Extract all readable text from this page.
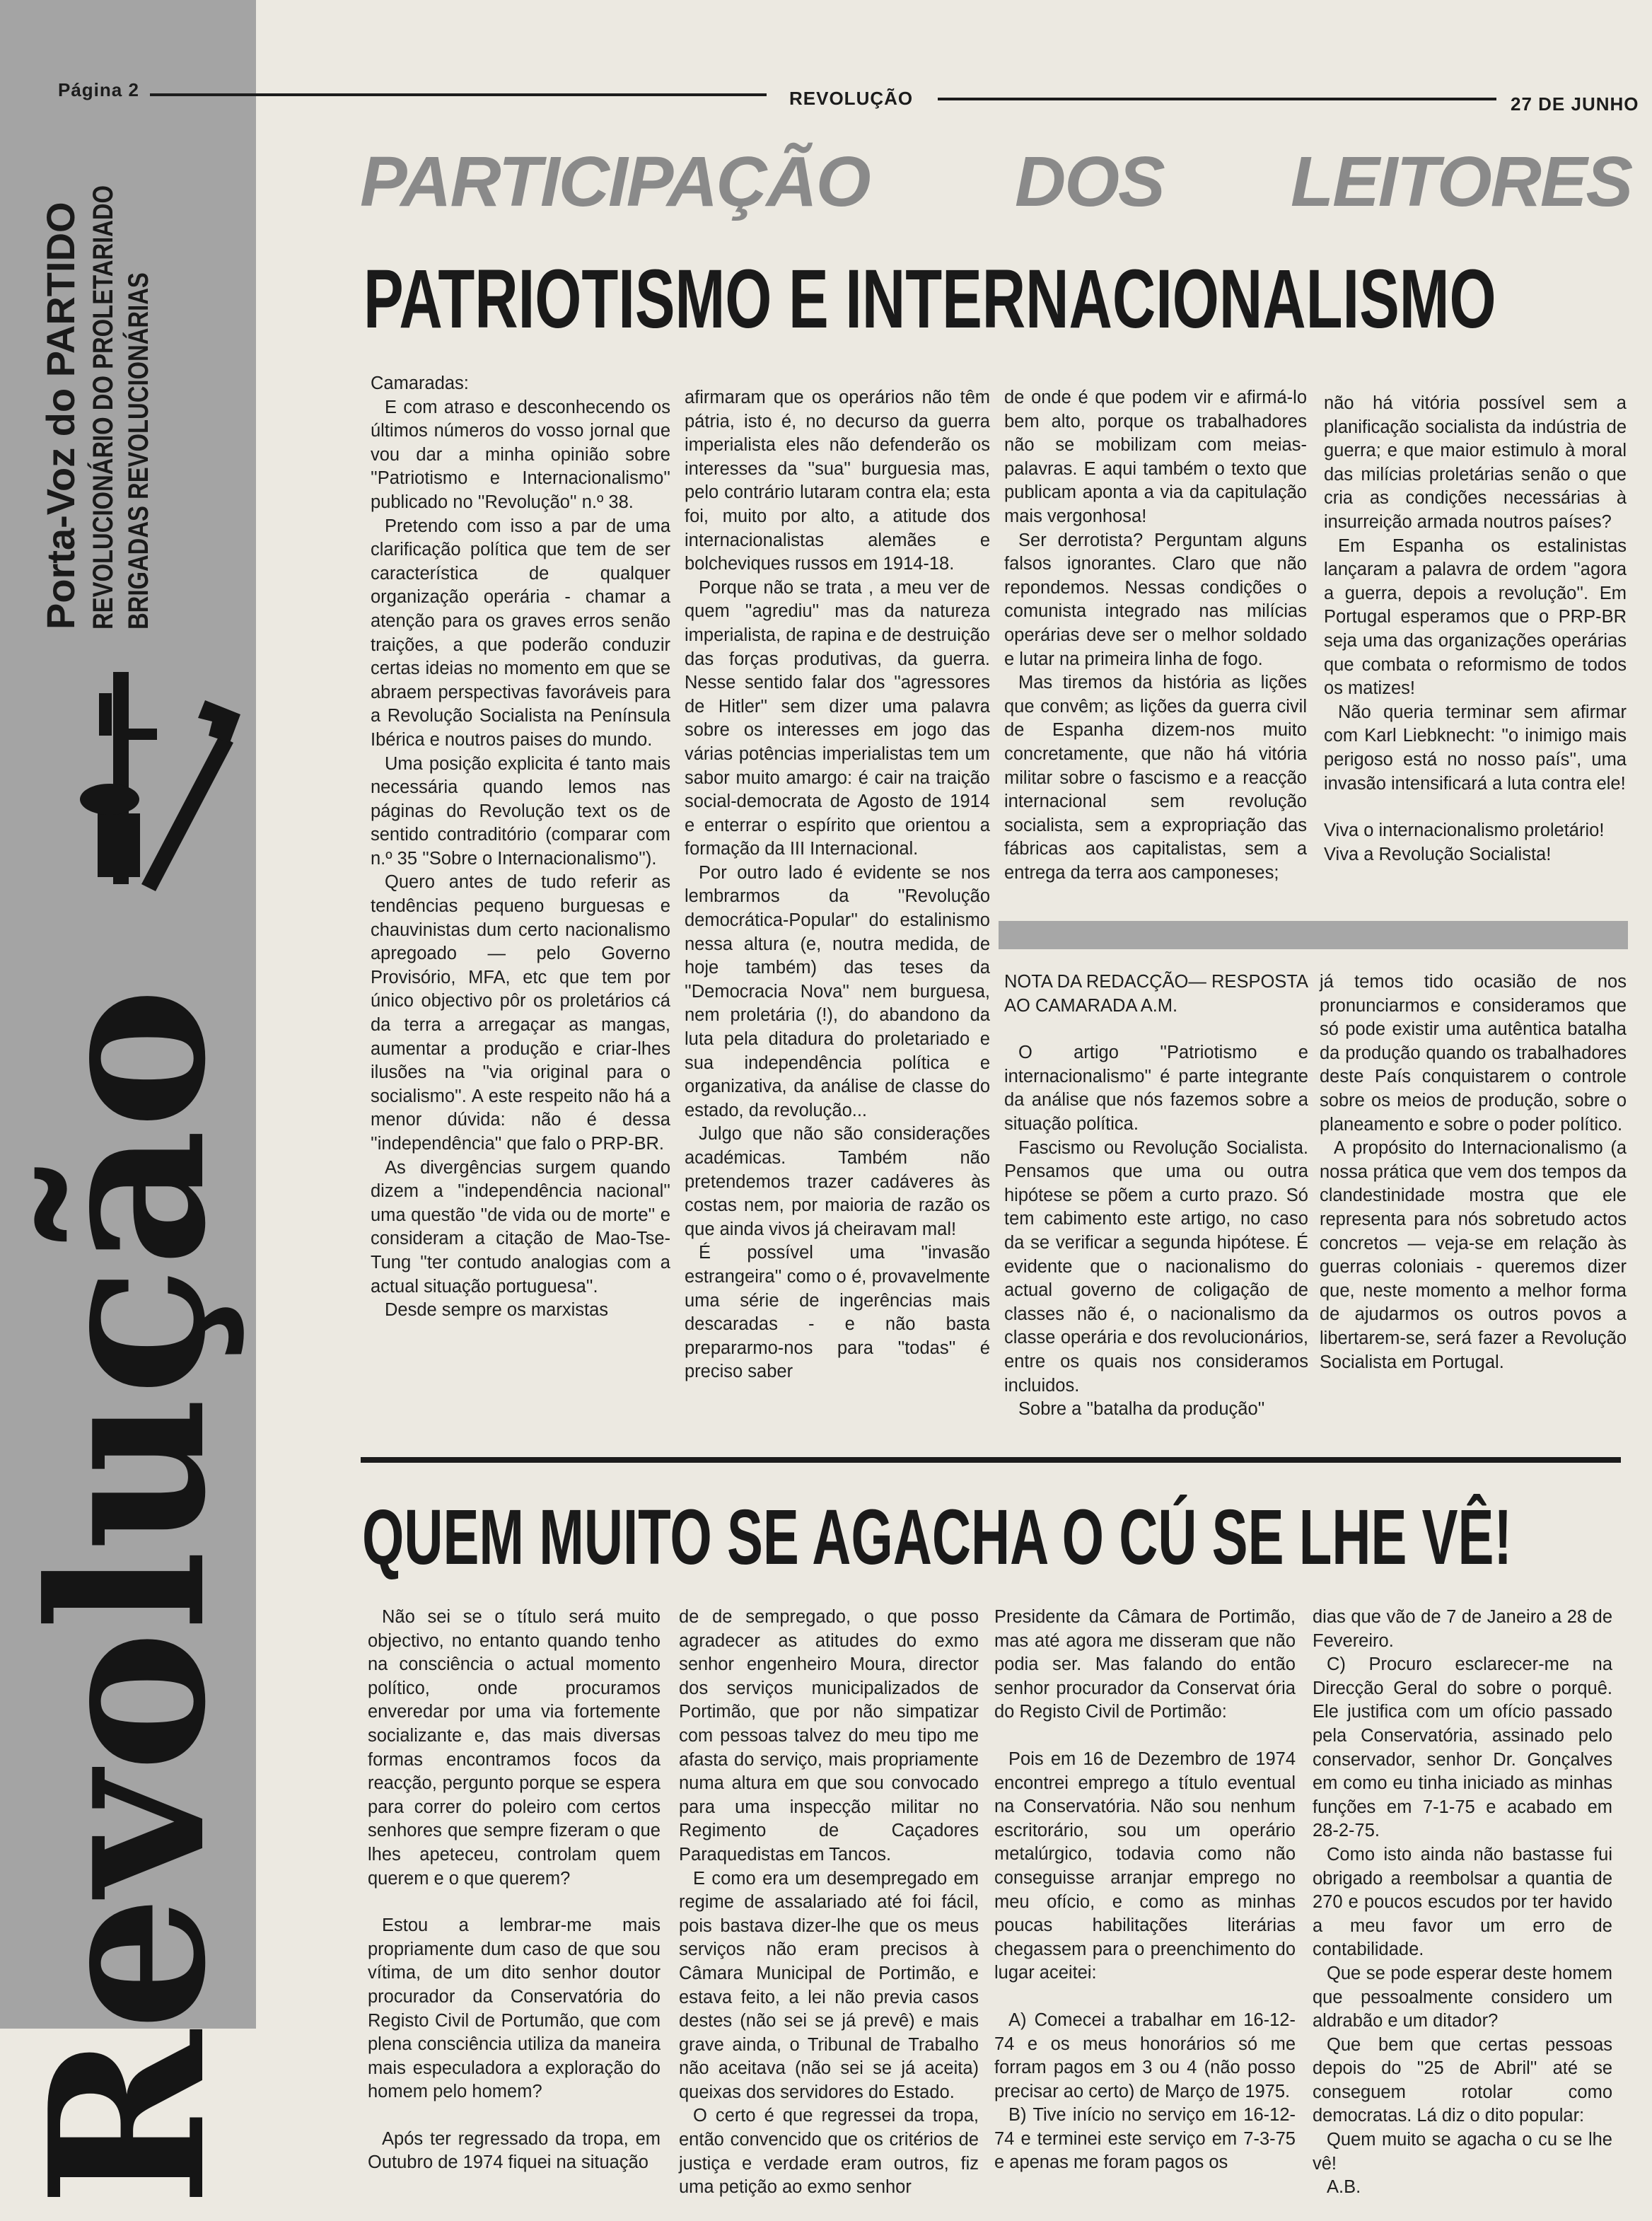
Página 2	REVOLUÇÃO	27 DE JUNHO
Porta-Voz do PARTIDO REVOLUCIONÁRIO DO PROLETARIADO BRIGADAS REVOLUCIONÁRIAS
Revolução
PARTICIPAÇÃO DOS LEITORES
PATRIOTISMO E INTERNACIONALISMO

Camaradas:

E com atraso e desconhecendo os últimos números do vosso jornal que vou dar a minha opinião sobre ''Patriotismo e Internacionalismo'' publicado no ''Revolução'' n.º 38.

Pretendo com isso a par de uma clarificação política que tem de ser característica de qualquer organização operária - chamar a atenção para os graves erros senão traições, a que poderão conduzir certas ideias no momento em que se abraem perspectivas favoráveis para a Revolução Socialista na Península Ibérica e noutros paises do mundo.

Uma posição explicita é tanto mais necessária quando lemos nas páginas do Revolução text os de sentido contraditório (comparar com n.º 35 ''Sobre o Internacionalismo'').

Quero antes de tudo referir as tendências pequeno burguesas e chauvinistas dum certo nacionalismo apregoado — pelo Governo Provisório, MFA, etc que tem por único objectivo pôr os proletários cá da terra a arregaçar as mangas, aumentar a produção e criar-lhes ilusões na ''via original para o socialismo''. A este respeito não há a menor dúvida: não é dessa ''independência'' que falo o PRP-BR.

As divergências surgem quando dizem a ''independência nacional'' uma questão ''de vida ou de morte'' e consideram a citação de Mao-Tse-Tung ''ter contudo analogias com a actual situação portuguesa''.

Desde sempre os marxistas

afirmaram que os operários não têm pátria, isto é, no decurso da guerra imperialista eles não defenderão os interesses da ''sua'' burguesia mas, pelo contrário lutaram contra ela; esta foi, muito por alto, a atitude dos internacionalistas alemães e bolcheviques russos em 1914-18.

Porque não se trata , a meu ver de quem ''agrediu'' mas da natureza imperialista, de rapina e de destruição das forças produtivas, da guerra. Nesse sentido falar dos ''agressores de Hitler'' sem dizer uma palavra sobre os interesses em jogo das várias potências imperialistas tem um sabor muito amargo: é cair na traição social-democrata de Agosto de 1914 e enterrar o espírito que orientou a formação da III Internacional.

Por outro lado é evidente se nos lembrarmos da ''Revolução democrática-Popular'' do estalinismo nessa altura (e, noutra medida, de hoje também) das teses da ''Democracia Nova'' nem burguesa, nem proletária (!), do abandono da luta pela ditadura do proletariado e sua independência política e organizativa, da análise de classe do estado, da revolução...

Julgo que não são considerações académicas. Também não pretendemos trazer cadáveres às costas nem, por maioria de razão os que ainda vivos já cheiravam mal!

É possível uma ''invasão estrangeira'' como o é, provavelmente uma série de ingerências mais descaradas - e não basta prepararmo-nos para ''todas'' é preciso saber

de onde é que podem vir e afirmá-lo bem alto, porque os trabalhadores não se mobilizam com meias-palavras. E aqui também o texto que publicam aponta a via da capitulação mais vergonhosa!

Ser derrotista? Perguntam alguns falsos ignorantes. Claro que não repondemos. Nessas condições o comunista integrado nas milícias operárias deve ser o melhor soldado e lutar na primeira linha de fogo.

Mas tiremos da história as lições que convêm; as lições da guerra civil de Espanha dizem-nos muito concretamente, que não há vitória militar sobre o fascismo e a reacção internacional sem revolução socialista, sem a expropriação das fábricas aos capitalistas, sem a entrega da terra aos camponeses;

não há vitória possível sem a planificação socialista da indústria de guerra; e que maior estimulo à moral das milícias proletárias senão o que cria as condições necessárias à insurreição armada noutros países?

Em Espanha os estalinistas lançaram a palavra de ordem ''agora a guerra, depois a revolução''. Em Portugal esperamos que o PRP-BR seja uma das organizações operárias que combata o reformismo de todos os matizes!

Não queria terminar sem afirmar com Karl Liebknecht: ''o inimigo mais perigoso está no nosso país'', uma invasão intensificará a luta contra ele!

Viva o internacionalismo proletário!

Viva a Revolução Socialista!

NOTA DA REDACÇÃO— RESPOSTA AO CAMARADA A.M.

O artigo ''Patriotismo e internacionalismo'' é parte integrante da análise que nós fazemos sobre a situação política.

Fascismo ou Revolução Socialista. Pensamos que uma ou outra hipótese se põem a curto prazo. Só tem cabimento este artigo, no caso da se verificar a segunda hipótese. É evidente que o nacionalismo do actual governo de coligação de classes não é, o nacionalismo da classe operária e dos revolucionários, entre os quais nos consideramos incluidos.

Sobre a ''batalha da produção''

já temos tido ocasião de nos pronunciarmos e consideramos que só pode existir uma autêntica batalha da produção quando os trabalhadores deste País conquistarem o controle sobre os meios de produção, sobre o planeamento e sobre o poder político.

A propósito do Internacionalismo (a nossa prática que vem dos tempos da clandestinidade mostra que ele representa para nós sobretudo actos concretos — veja-se em relação às guerras coloniais - queremos dizer que, neste momento a melhor forma de ajudarmos os outros povos a libertarem-se, será fazer a Revolução Socialista em Portugal.

QUEM MUITO SE AGACHA O CÚ SE LHE VÊ!

Não sei se o título será muito objectivo, no entanto quando tenho na consciência o actual momento político, onde procuramos enveredar por uma via fortemente socializante e, das mais diversas formas encontramos focos da reacção, pergunto porque se espera para correr do poleiro com certos senhores que sempre fizeram o que lhes apeteceu, controlam quem querem e o que querem?

Estou a lembrar-me mais propriamente dum caso de que sou vítima, de um dito senhor doutor procurador da Conservatória do Registo Civil de Portumão, que com plena consciência utiliza da maneira mais especuladora a exploração do homem pelo homem?

Após ter regressado da tropa, em Outubro de 1974 fiquei na situação

de de sempregado, o que posso agradecer as atitudes do exmo senhor engenheiro Moura, director dos serviços municipalizados de Portimão, que por não simpatizar com pessoas talvez do meu tipo me afasta do serviço, mais propriamente numa altura em que sou convocado para uma inspecção militar no Regimento de Caçadores Paraquedistas em Tancos.

E como era um desempregado em regime de assalariado até foi fácil, pois bastava dizer-lhe que os meus serviços não eram precisos à Câmara Municipal de Portimão, e estava feito, a lei não previa casos destes (não sei se já prevê) e mais grave ainda, o Tribunal de Trabalho não aceitava (não sei se já aceita) queixas dos servidores do Estado.

O certo é que regressei da tropa, então convencido que os critérios de justiça e verdade eram outros, fiz uma petição ao exmo senhor

Presidente da Câmara de Portimão, mas até agora me disseram que não podia ser. Mas falando do então senhor procurador da Conservat ória do Registo Civil de Portimão:

Pois em 16 de Dezembro de 1974 encontrei emprego a título eventual na Conservatória. Não sou nenhum escritorário, sou um operário metalúrgico, todavia como não conseguisse arranjar emprego no meu ofício, e como as minhas poucas habilitações literárias chegassem para o preenchimento do lugar aceitei:

A) Comecei a trabalhar em 16-12-74 e os meus honorários só me forram pagos em 3 ou 4 (não posso precisar ao certo) de Março de 1975.

B) Tive início no serviço em 16-12-74 e terminei este serviço em 7-3-75 e apenas me foram pagos os

dias que vão de 7 de Janeiro a 28 de Fevereiro.

C) Procuro esclarecer-me na Direcção Geral do sobre o porquê. Ele justifica com um ofício passado pela Conservatória, assinado pelo conservador, senhor Dr. Gonçalves em como eu tinha iniciado as minhas funções em 7-1-75 e acabado em 28-2-75.

Como isto ainda não bastasse fui obrigado a reembolsar a quantia de 270 e poucos escudos por ter havido a meu favor um erro de contabilidade.

Que se pode esperar deste homem que pessoalmente considero um aldrabão e um ditador?

Que bem que certas pessoas depois do ''25 de Abril'' até se conseguem rotolar como democratas. Lá diz o dito popular:

Quem muito se agacha o cu se lhe vê!

A.B.
